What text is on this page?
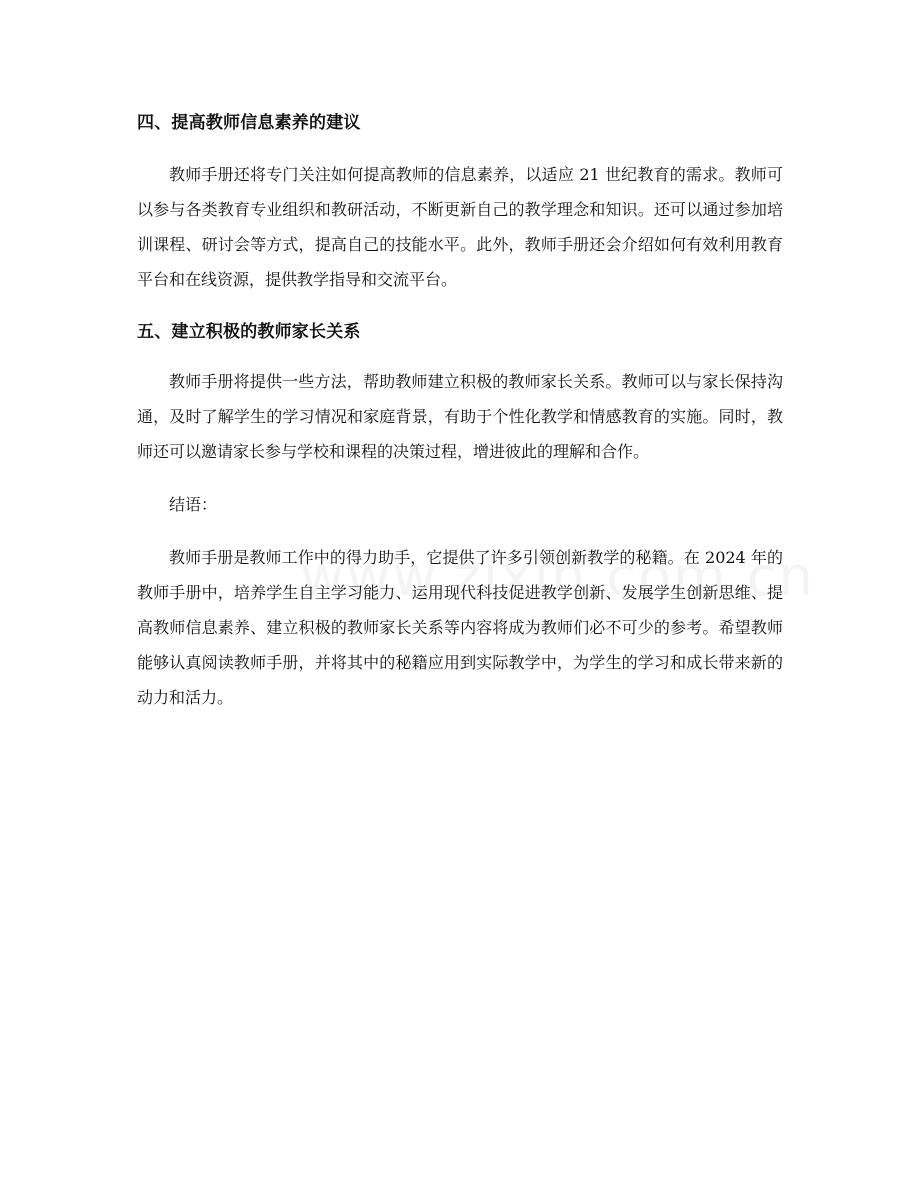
四、提高教师信息素养的建议

教师手册还将专门关注如何提高教师的信息素养，以适应 21 世纪教育的需求。教师可以参与各类教育专业组织和教研活动，不断更新自己的教学理念和知识。还可以通过参加培训课程、研讨会等方式，提高自己的技能水平。此外，教师手册还会介绍如何有效利用教育平台和在线资源，提供教学指导和交流平台。

五、建立积极的教师家长关系

教师手册将提供一些方法，帮助教师建立积极的教师家长关系。教师可以与家长保持沟通，及时了解学生的学习情况和家庭背景，有助于个性化教学和情感教育的实施。同时，教师还可以邀请家长参与学校和课程的决策过程，增进彼此的理解和合作。

结语：

教师手册是教师工作中的得力助手，它提供了许多引领创新教学的秘籍。在 2024 年的教师手册中，培养学生自主学习能力、运用现代科技促进教学创新、发展学生创新思维、提高教师信息素养、建立积极的教师家长关系等内容将成为教师们必不可少的参考。希望教师能够认真阅读教师手册，并将其中的秘籍应用到实际教学中，为学生的学习和成长带来新的动力和活力。
